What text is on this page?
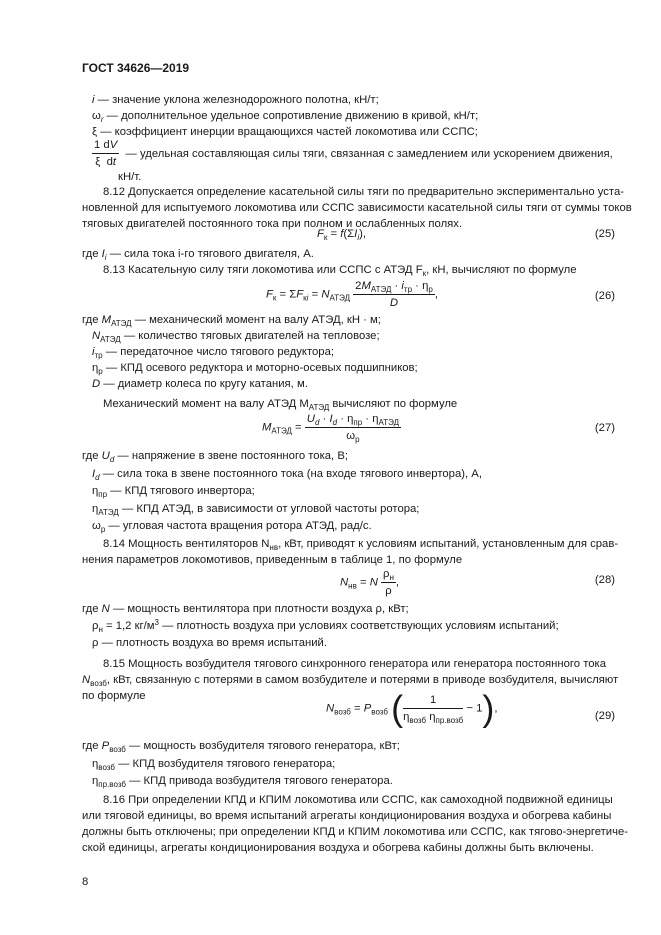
ГОСТ 34626—2019
i — значение уклона железнодорожного полотна, кН/т;
$\omega_r$ — дополнительное удельное сопротивление движению в кривой, кН/т;
ξ — коэффициент инерции вращающихся частей локомотива или ССПС;
$\frac{1 dV}{\text{ξ  dt}}$ — удельная составляющая силы тяги, связанная с замедлением или ускорением движения,
кН/т.
8.12 Допускается определение касательной силы тяги по предварительно экспериментально уста-
новленной для испытуемого локомотива или ССПС зависимости касательной силы тяги от суммы токов
тяговых двигателей постоянного тока при полном и ослабленных полях.
$F_к = f(\Sigma I_i)$,	(25)
где $I_i$ — сила тока i-го тягового двигателя, А.
8.13 Касательную силу тяги локомотива или ССПС с АТЭД $F_к$, кН, вычисляют по формуле
$F_к = \Sigma F_{кi} = N_{АТЭД} \frac{2M_{АТЭД} \cdot i_{тр} \cdot \eta_р}{D}$ ,	(26)
где $M_{АТЭД}$ — механический момент на валу АТЭД, кН · м;
$N_{АТЭД}$ — количество тяговых двигателей на тепловозе;
$i_{тр}$ — передаточное число тягового редуктора;
$\eta_р$ — КПД осевого редуктора и моторно-осевых подшипников;
D — диаметр колеса по кругу катания, м.
Механический момент на валу АТЭД $M_{АТЭД}$ вычисляют по формуле
$M_{АТЭД} = \frac{U_d \cdot I_d \cdot \eta_{пр} \cdot \eta_{АТЭД}}{\omega_р}$	(27)
где $U_d$ — напряжение в звене постоянного тока, В;
$I_d$ — сила тока в звене постоянного тока (на входе тягового инвертора), А,
$\eta_{пр}$ — КПД тягового инвертора;
$\eta_{АТЭД}$ — КПД АТЭД, в зависимости от угловой частоты ротора;
$\omega_р$ — угловая частота вращения ротора АТЭД, рад/с.
8.14 Мощность вентиляторов $N_{нв}$, кВт, приводят к условиям испытаний, установленным для срав-
нения параметров локомотивов, приведенным в таблице 1, по формуле
$N_{нв} = N \frac{\rho_н}{\rho}$ ,	(28)
где N — мощность вентилятора при плотности воздуха ρ, кВт;
$\rho_н = 1,2$ $кг/м^3$ — плотность воздуха при условиях соответствующих условиям испытаний;
ρ — плотность воздуха во время испытаний.
8.15 Мощность возбудителя тягового синхронного генератора или генератора постоянного тока
$N_{возб}$, кВт, связанную с потерями в самом возбудителе и потерями в приводе возбудителя, вычисляют
по формуле
$N_{возб} = P_{возб}$ ( $\frac{1}{\eta_{возб} \eta_{пр.возб}} - 1$),
(29)
где $P_{возб}$ — мощность возбудителя тягового генератора, кВт;
$\eta_{возб}$ — КПД возбудителя тягового генератора;
$\eta_{пр.возб}$ — КПД привода возбудителя тягового генератора.
8.16 При определении КПД и КПИМ локомотива или ССПС, как самоходной подвижной единицы
или тяговой единицы, во время испытаний агрегаты кондиционирования воздуха и обогрева кабины
должны быть отключены; при определении КПД и КПИМ локомотива или ССПС, как тягово-энергетиче-
ской единицы, агрегаты кондиционирования воздуха и обогрева кабины должны быть включены.
8
